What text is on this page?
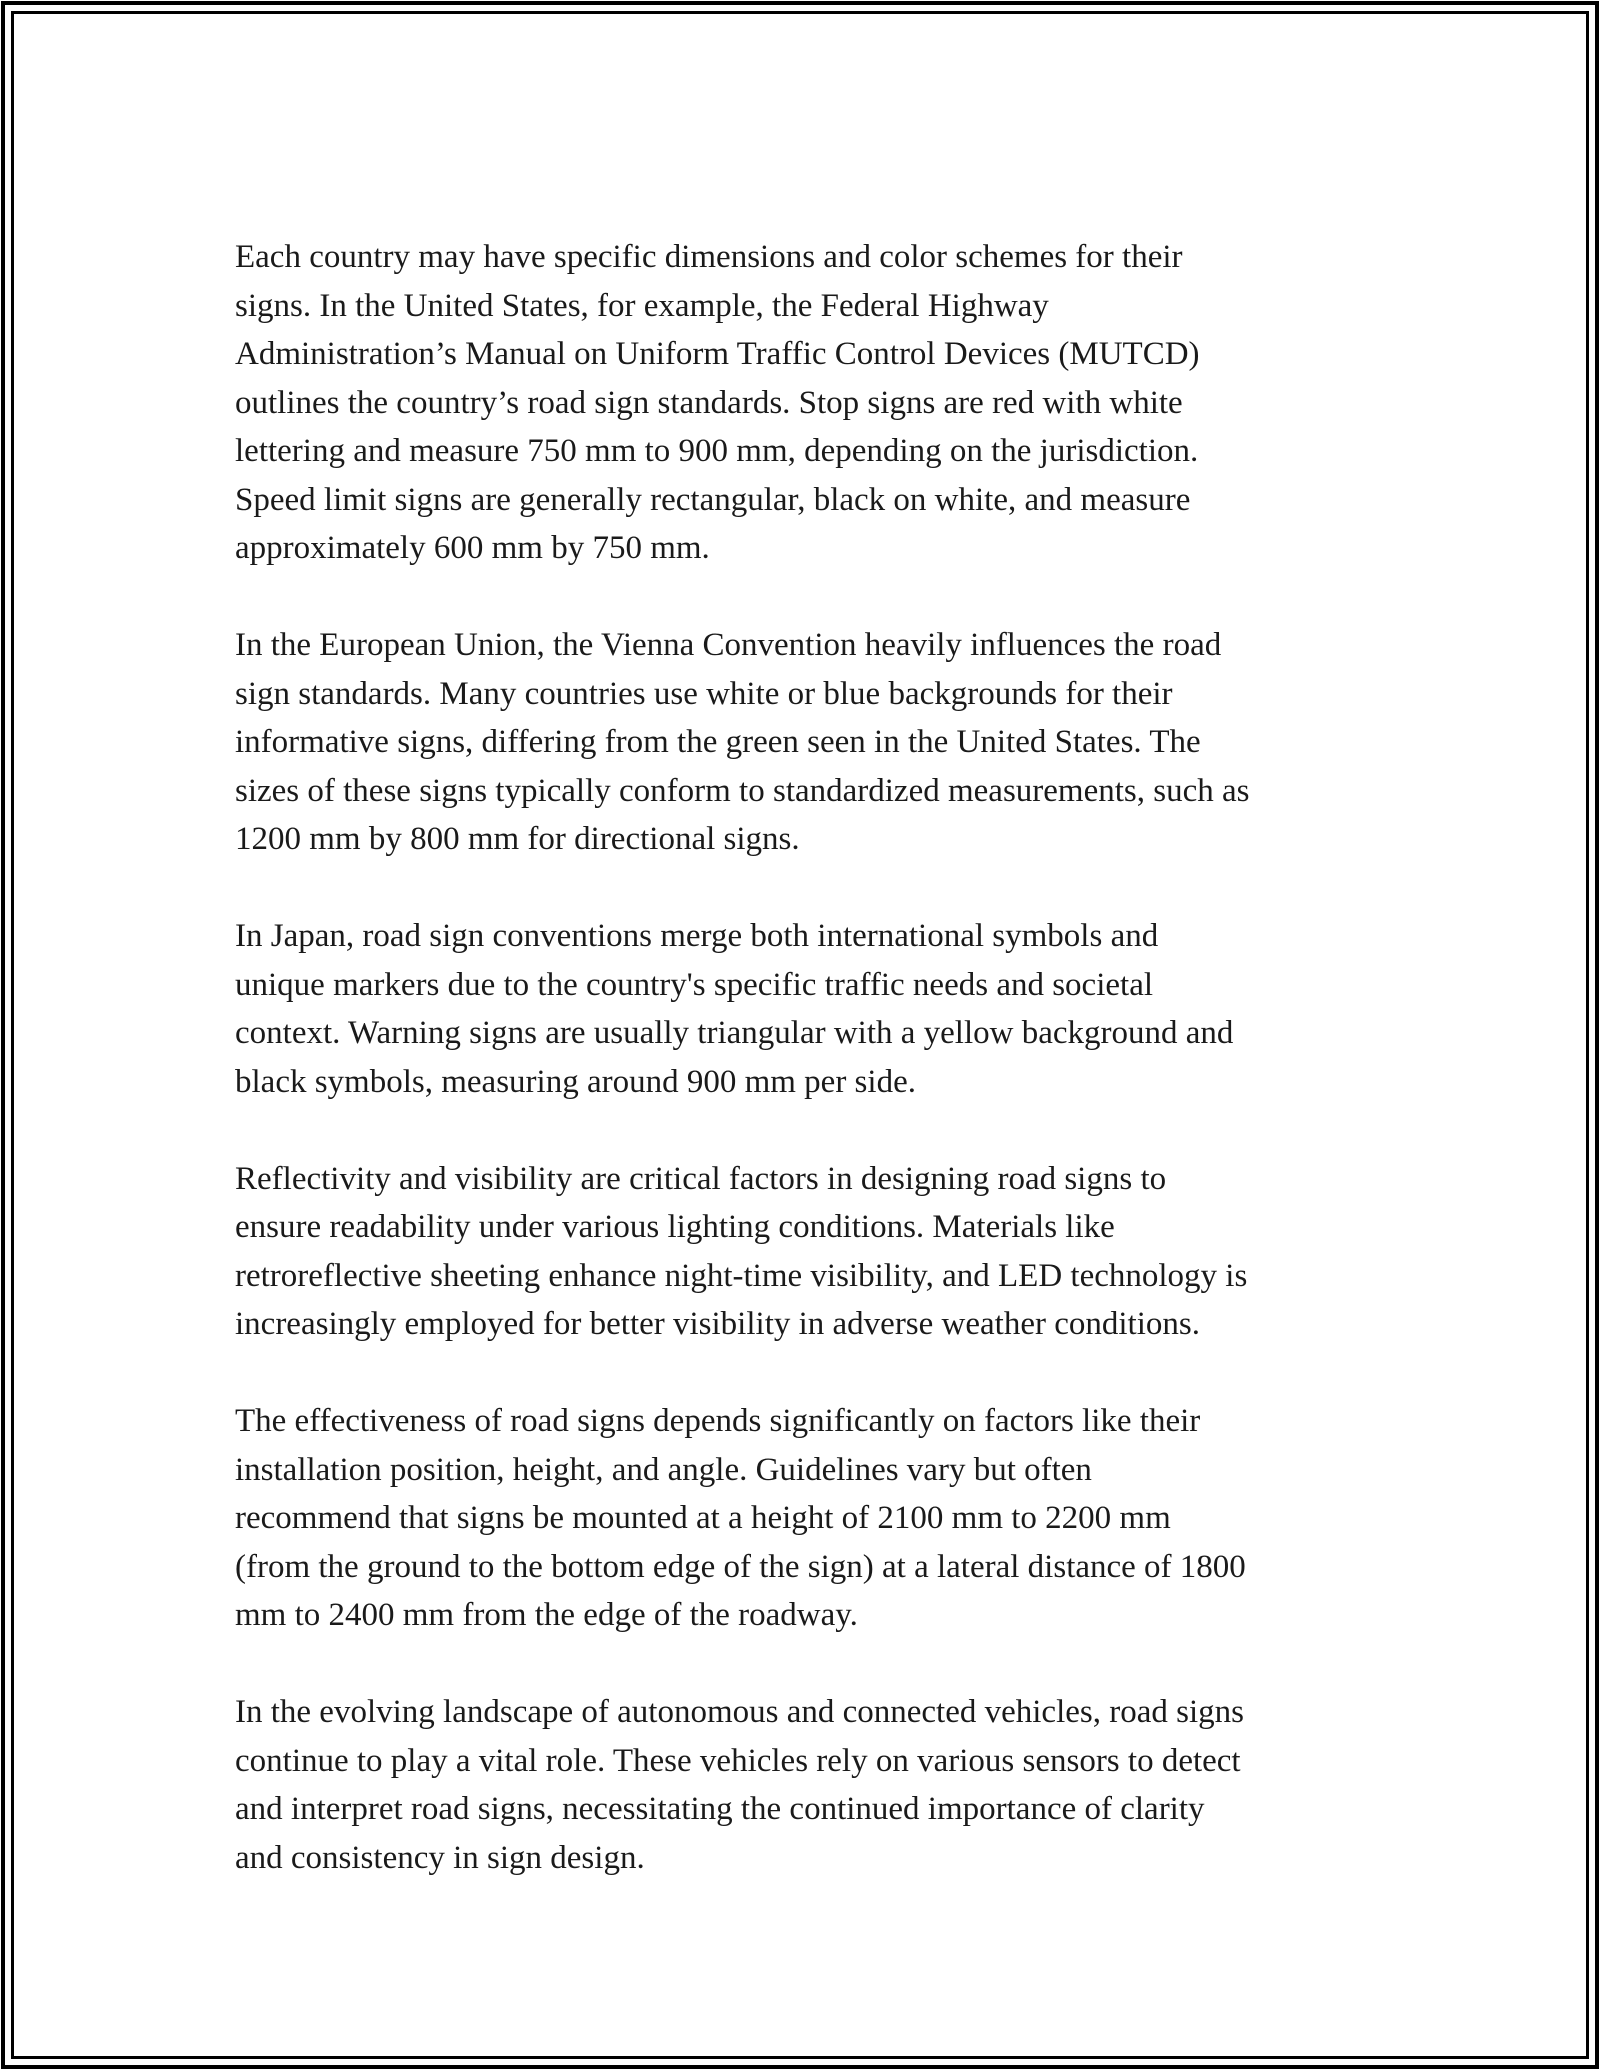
Each country may have specific dimensions and color schemes for their
signs. In the United States, for example, the Federal Highway
Administration’s Manual on Uniform Traffic Control Devices (MUTCD)
outlines the country’s road sign standards. Stop signs are red with white
lettering and measure 750 mm to 900 mm, depending on the jurisdiction.
Speed limit signs are generally rectangular, black on white, and measure
approximately 600 mm by 750 mm.

In the European Union, the Vienna Convention heavily influences the road
sign standards. Many countries use white or blue backgrounds for their
informative signs, differing from the green seen in the United States. The
sizes of these signs typically conform to standardized measurements, such as
1200 mm by 800 mm for directional signs.

In Japan, road sign conventions merge both international symbols and
unique markers due to the country's specific traffic needs and societal
context. Warning signs are usually triangular with a yellow background and
black symbols, measuring around 900 mm per side.

Reflectivity and visibility are critical factors in designing road signs to
ensure readability under various lighting conditions. Materials like
retroreflective sheeting enhance night-time visibility, and LED technology is
increasingly employed for better visibility in adverse weather conditions.

The effectiveness of road signs depends significantly on factors like their
installation position, height, and angle. Guidelines vary but often
recommend that signs be mounted at a height of 2100 mm to 2200 mm
(from the ground to the bottom edge of the sign) at a lateral distance of 1800
mm to 2400 mm from the edge of the roadway.

In the evolving landscape of autonomous and connected vehicles, road signs
continue to play a vital role. These vehicles rely on various sensors to detect
and interpret road signs, necessitating the continued importance of clarity
and consistency in sign design.
